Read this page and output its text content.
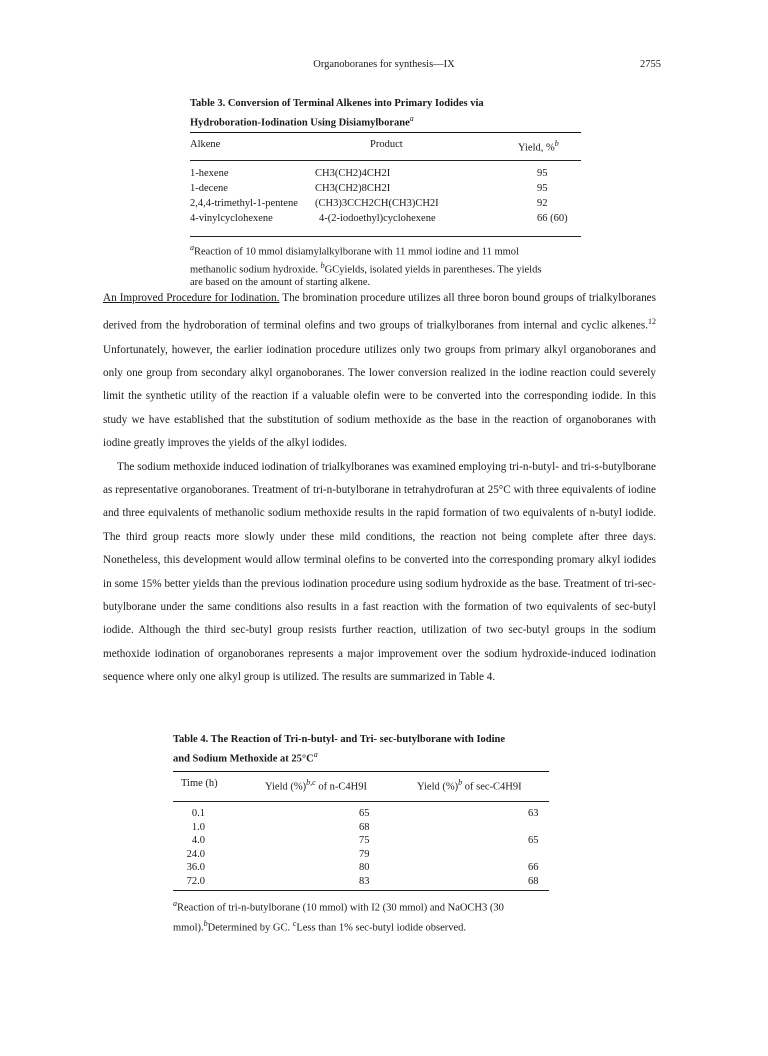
Organoboranes for synthesis—IX	2755
Table 3. Conversion of Terminal Alkenes into Primary Iodides via
Hydroboration-Iodination Using Disiamylborane$^a$
Alkene	Product	Yield, %$^b$
1-hexene	CH3(CH2)4CH2I	95
1-decene	CH3(CH2)8CH2I	95
2,4,4-trimethyl-1-pentene	(CH3)3CCH2CH(CH3)CH2I	92
4-vinylcyclohexene	4-(2-iodoethyl)cyclohexene	66 (60)
$^a$Reaction of 10 mmol disiamylalkylborane with 11 mmol iodine and 11 mmol
methanolic sodium hydroxide. $^b$GCyields, isolated yields in parentheses. The yields
are based on the amount of starting alkene.

An Improved Procedure for Iodination. The bromination procedure utilizes all three boron bound groups of trialkylboranes derived from the hydroboration of terminal olefins and two groups of trialkylboranes from internal and cyclic alkenes.$^{12}$ Unfortunately, however, the earlier iodination procedure utilizes only two groups from primary alkyl organoboranes and only one group from secondary alkyl organoboranes. The lower conversion realized in the iodine reaction could severely limit the synthetic utility of the reaction if a valuable olefin were to be converted into the corresponding iodide. In this study we have established that the substitution of sodium methoxide as the base in the reaction of organoboranes with iodine greatly improves the yields of the alkyl iodides.

The sodium methoxide induced iodination of trialkylboranes was examined employing tri-n-butyl- and tri-s-butylborane as representative organoboranes. Treatment of tri-n-butylborane in tetrahydrofuran at 25°C with three equivalents of iodine and three equivalents of methanolic sodium methoxide results in the rapid formation of two equivalents of n-butyl iodide. The third group reacts more slowly under these mild conditions, the reaction not being complete after three days. Nonetheless, this development would allow terminal olefins to be converted into the corresponding promary alkyl iodides in some 15% better yields than the previous iodination procedure using sodium hydroxide as the base. Treatment of tri-sec-butylborane under the same conditions also results in a fast reaction with the formation of two equivalents of sec-butyl iodide. Although the third sec-butyl group resists further reaction, utilization of two sec-butyl groups in the sodium methoxide iodination of organoboranes represents a major improvement over the sodium hydroxide-induced iodination sequence where only one alkyl group is utilized. The results are summarized in Table 4.

Table 4. The Reaction of Tri-n-butyl- and Tri- sec-butylborane with Iodine
and Sodium Methoxide at $25^\circ C^a$
Time (h)	Yield (%)$^{b,c}$ of n-C4H9I	Yield (%)$^b$ of sec-C4H9I
0.1	65	63
1.0	68	
4.0	75	65
24.0	79	
36.0	80	66
72.0	83	68
$^a$Reaction of tri-n-butylborane (10 mmol) with I2 (30 mmol) and NaOCH3 (30
mmol).$^b$Determined by GC. $^c$Less than 1% sec-butyl iodide observed.
